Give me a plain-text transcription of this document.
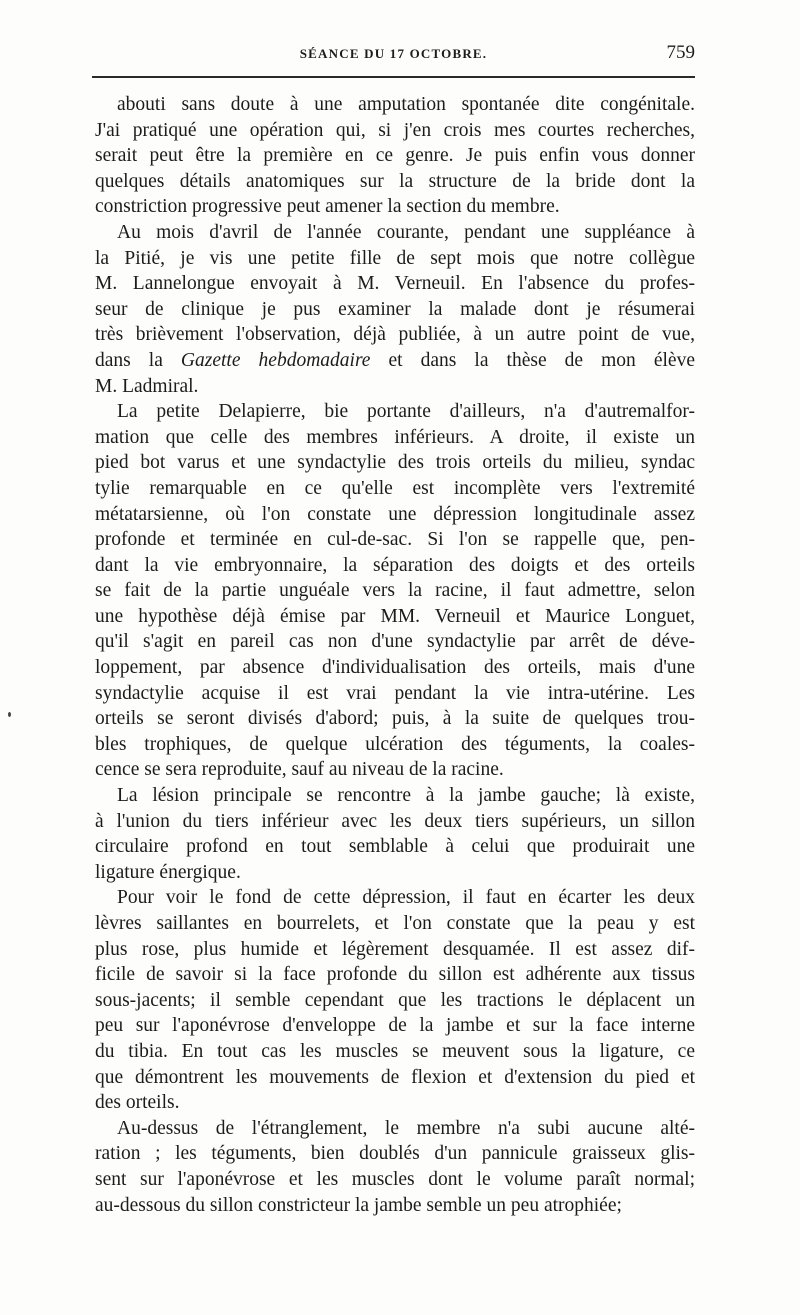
SÉANCE DU 17 OCTOBRE.	759

abouti sans doute à une amputation spontanée dite congénitale.
J'ai pratiqué une opération qui, si j'en crois mes courtes recherches,
serait peut être la première en ce genre. Je puis enfin vous donner
quelques détails anatomiques sur la structure de la bride dont la
constriction progressive peut amener la section du membre.

Au mois d'avril de l'année courante, pendant une suppléance à
la Pitié, je vis une petite fille de sept mois que notre collègue
M. Lannelongue envoyait à M. Verneuil. En l'absence du profes-
seur de clinique je pus examiner la malade dont je résumerai
très brièvement l'observation, déjà publiée, à un autre point de vue,
dans la Gazette hebdomadaire et dans la thèse de mon élève
M. Ladmiral.

La petite Delapierre, bie portante d'ailleurs, n'a d'autremalfor-
mation que celle des membres inférieurs. A droite, il existe un
pied bot varus et une syndactylie des trois orteils du milieu, syndac
tylie remarquable en ce qu'elle est incomplète vers l'extremité
métatarsienne, où l'on constate une dépression longitudinale assez
profonde et terminée en cul-de-sac. Si l'on se rappelle que, pen-
dant la vie embryonnaire, la séparation des doigts et des orteils
se fait de la partie unguéale vers la racine, il faut admettre, selon
une hypothèse déjà émise par MM. Verneuil et Maurice Longuet,
qu'il s'agit en pareil cas non d'une syndactylie par arrêt de déve-
loppement, par absence d'individualisation des orteils, mais d'une
syndactylie acquise il est vrai pendant la vie intra-utérine. Les
orteils se seront divisés d'abord; puis, à la suite de quelques trou-
bles trophiques, de quelque ulcération des téguments, la coales-
cence se sera reproduite, sauf au niveau de la racine.

La lésion principale se rencontre à la jambe gauche; là existe,
à l'union du tiers inférieur avec les deux tiers supérieurs, un sillon
circulaire profond en tout semblable à celui que produirait une
ligature énergique.

Pour voir le fond de cette dépression, il faut en écarter les deux
lèvres saillantes en bourrelets, et l'on constate que la peau y est
plus rose, plus humide et légèrement desquamée. Il est assez dif-
ficile de savoir si la face profonde du sillon est adhérente aux tissus
sous-jacents; il semble cependant que les tractions le déplacent un
peu sur l'aponévrose d'enveloppe de la jambe et sur la face interne
du tibia. En tout cas les muscles se meuvent sous la ligature, ce
que démontrent les mouvements de flexion et d'extension du pied et
des orteils.

Au-dessus de l'étranglement, le membre n'a subi aucune alté-
ration ; les téguments, bien doublés d'un pannicule graisseux glis-
sent sur l'aponévrose et les muscles dont le volume paraît normal;
au-dessous du sillon constricteur la jambe semble un peu atrophiée;
